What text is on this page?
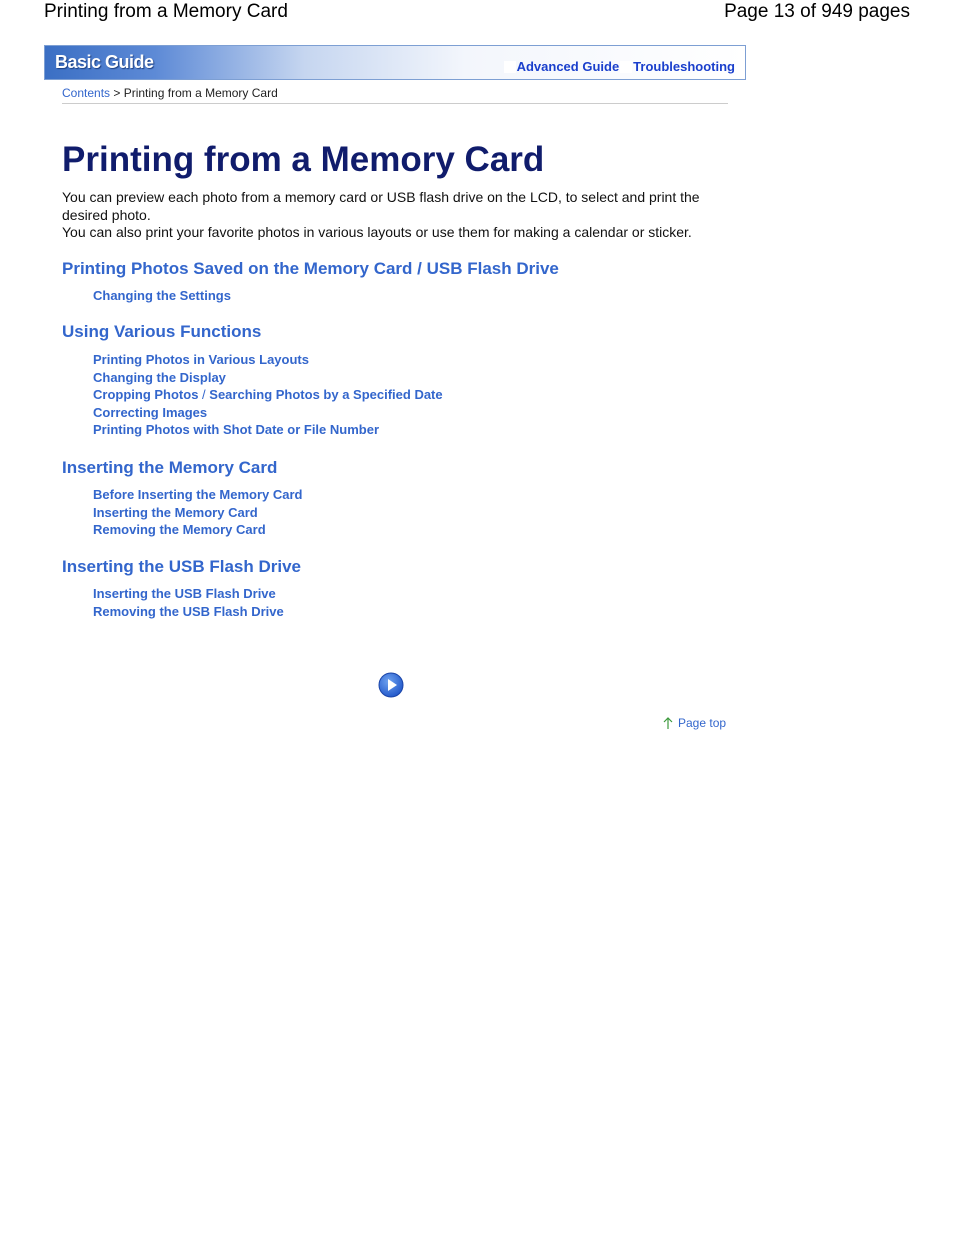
Printing from a Memory Card	Page 13 of 949 pages
Basic Guide	Advanced Guide Troubleshooting
Contents > Printing from a Memory Card
Printing from a Memory Card

You can preview each photo from a memory card or USB flash drive on the LCD, to select and print the desired photo.

You can also print your favorite photos in various layouts or use them for making a calendar or sticker.

Printing Photos Saved on the Memory Card / USB Flash Drive
Changing the Settings
Using Various Functions
Printing Photos in Various Layouts
Changing the Display
Cropping Photos / Searching Photos by a Specified Date
Correcting Images
Printing Photos with Shot Date or File Number
Inserting the Memory Card
Before Inserting the Memory Card
Inserting the Memory Card
Removing the Memory Card
Inserting the USB Flash Drive
Inserting the USB Flash Drive
Removing the USB Flash Drive
Page top
